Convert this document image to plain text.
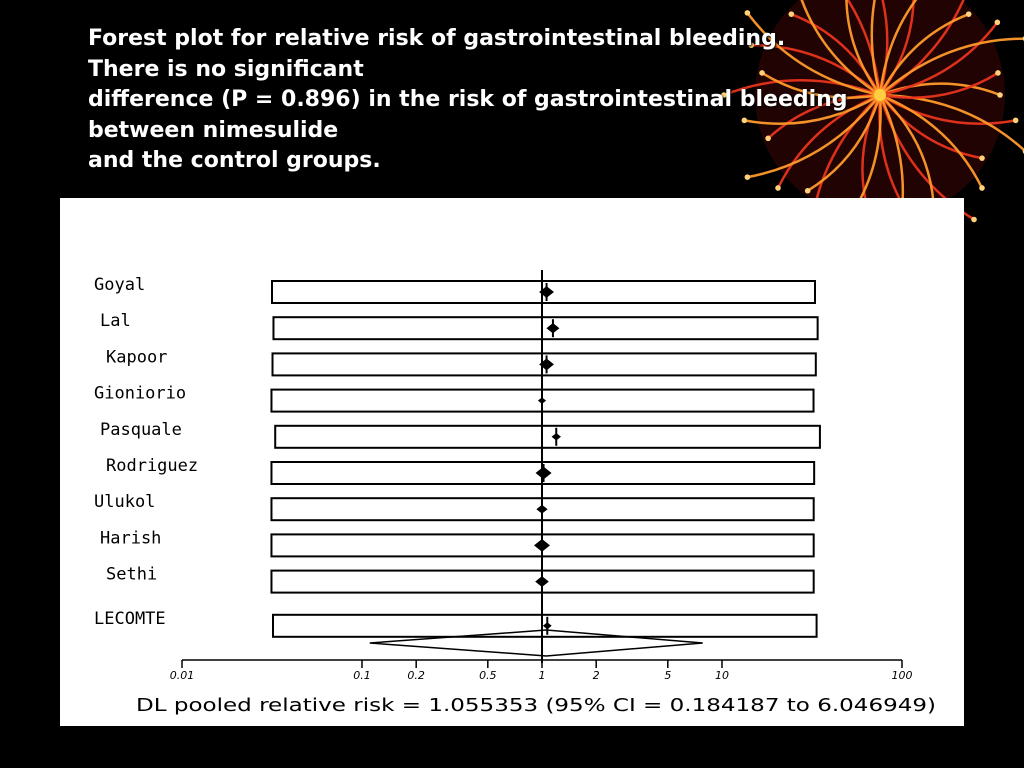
Forest plot for relative risk of gastrointestinal bleeding.
There is no significant
difference (P = 0.896) in the risk of gastrointestinal bleeding
between nimesulide
and the control groups.
Goyal
Lal
Kapoor
Gioniorio
Pasquale
Rodriguez
Ulukol
Harish
Sethi
LECOMTE
0.01	0.1	0.2	0.5	1	2	5	10	100
DL pooled relative risk = 1.055353 (95% CI = 0.184187 to 6.046949)
